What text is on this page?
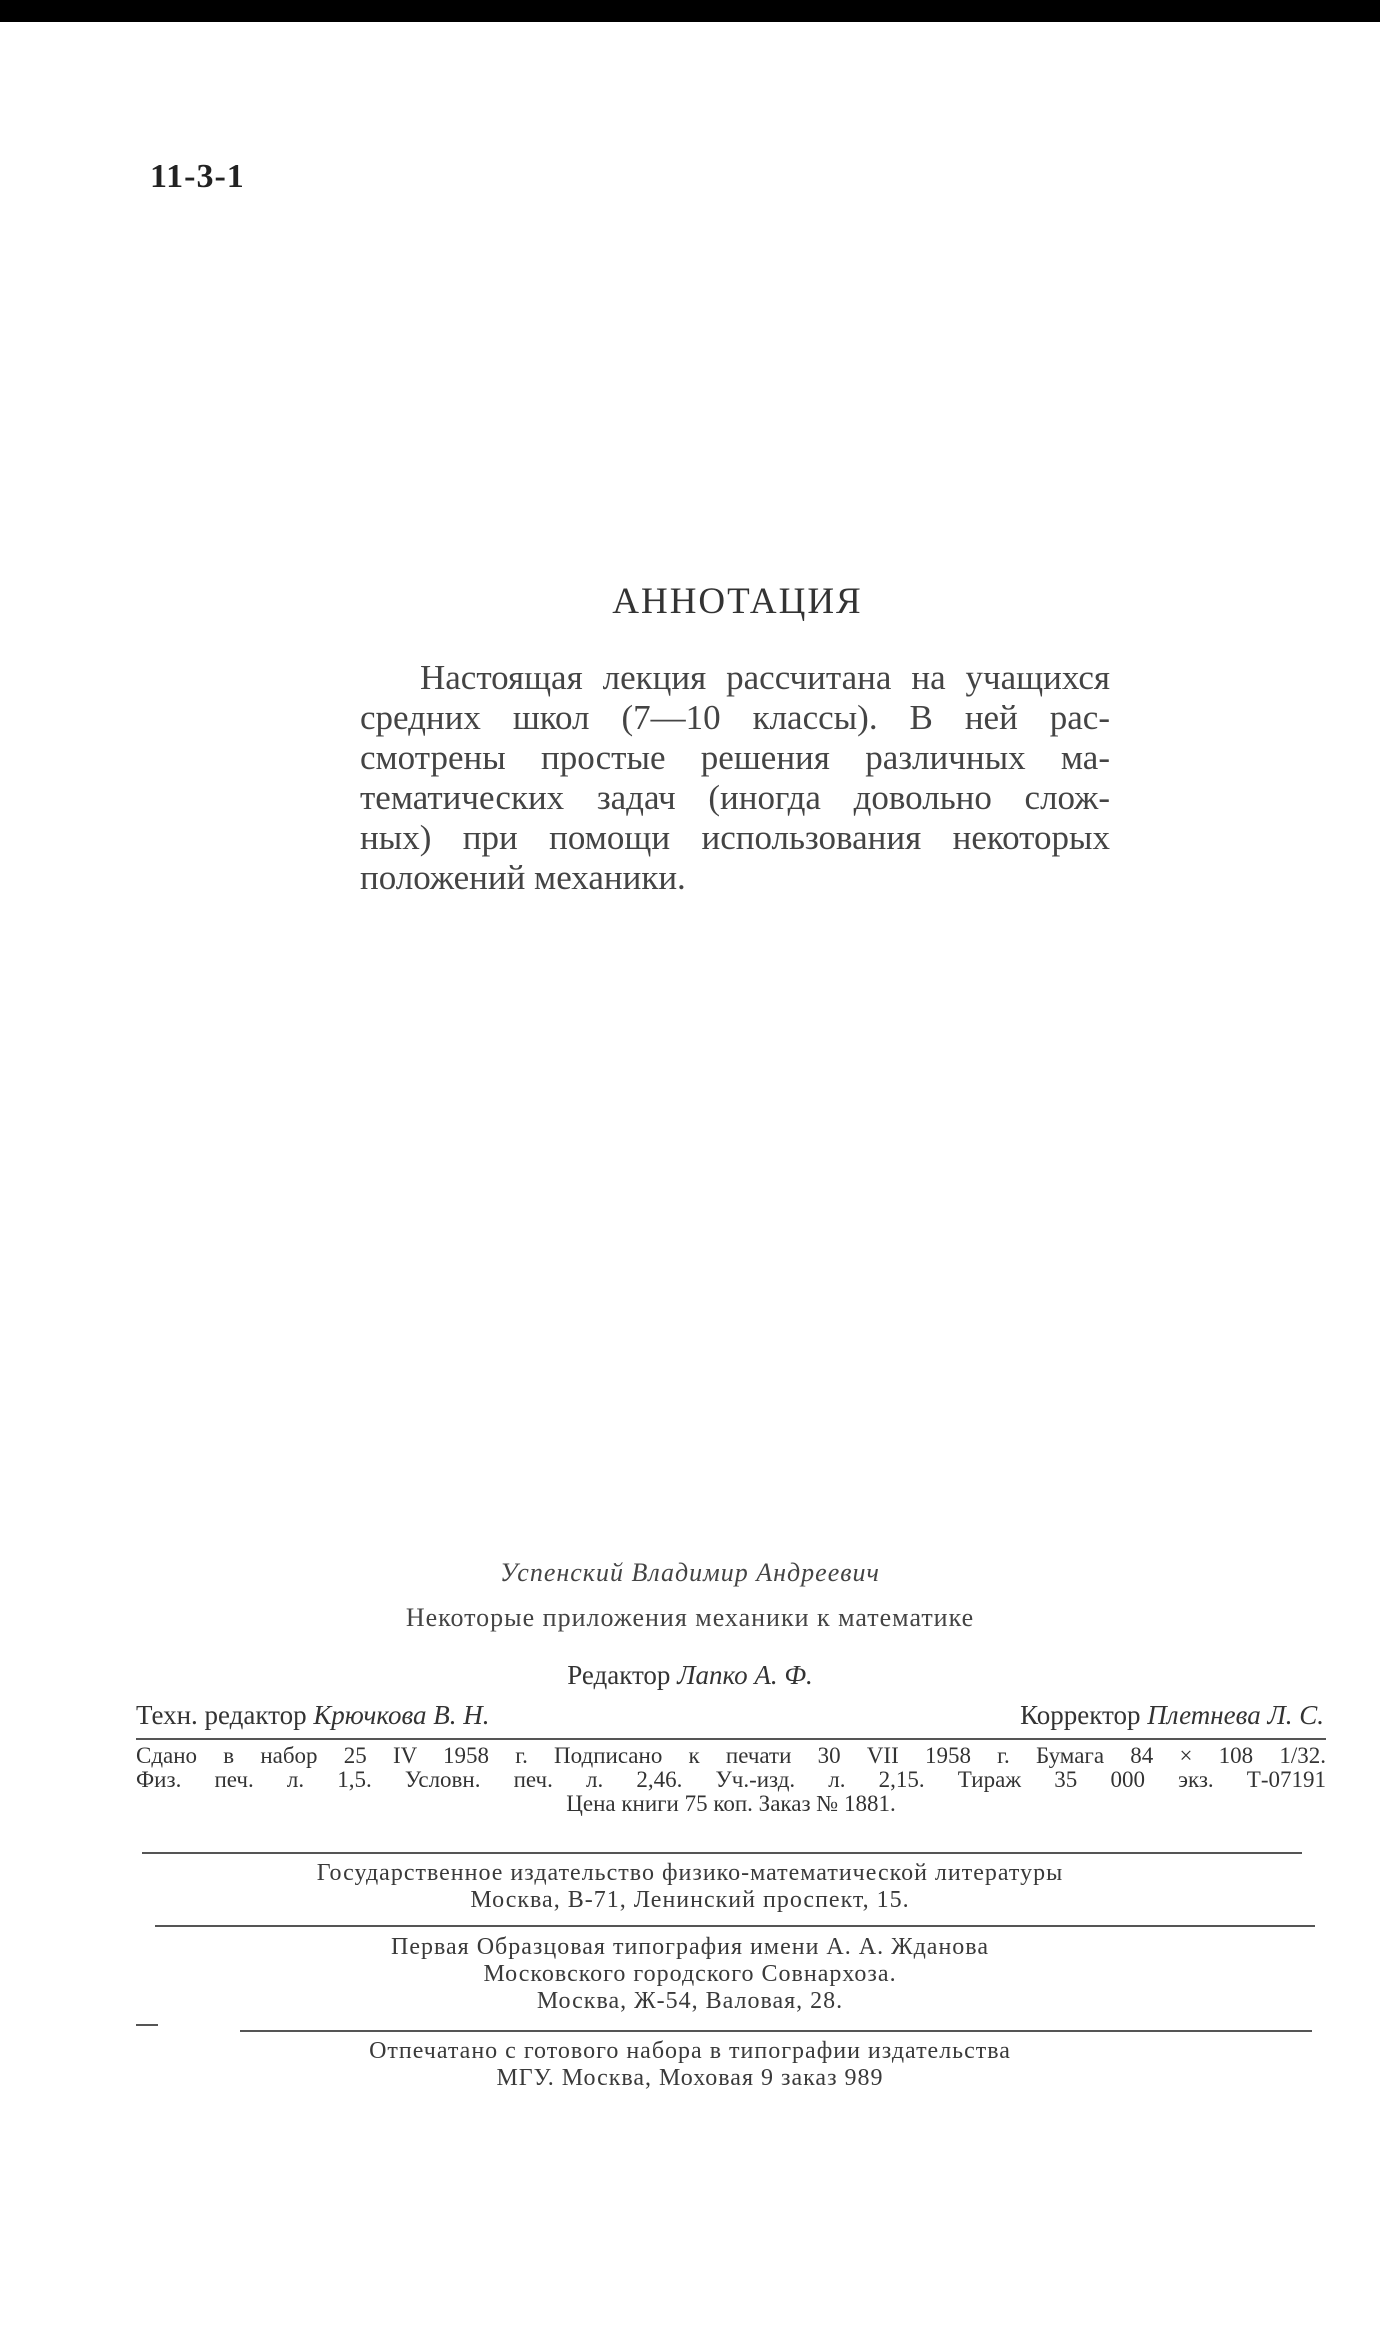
11-3-1
АННОТАЦИЯ
Настоящая лекция рассчитана на учащихся
средних школ (7—10 классы). В ней рас-
смотрены простые решения различных ма-
тематических задач (иногда довольно слож-
ных) при помощи использования некоторых
положений механики.
Успенский Владимир Андреевич
Некоторые приложения механики к математике
Редактор Лапко А. Ф.
Техн. редактор Крючкова В. Н.	Корректор Плетнева Л. С.
Сдано в набор 25 IV 1958 г. Подписано к печати 30 VII 1958 г. Бумага 84 × 108 1/32.
Физ. печ. л. 1,5. Условн. печ. л. 2,46. Уч.-изд. л. 2,15. Тираж 35 000 экз. Т-07191
Цена книги 75 коп. Заказ № 1881.
Государственное издательство физико-математической литературы
Москва, В-71, Ленинский проспект, 15.
Первая Образцовая типография имени А. А. Жданова
Московского городского Совнархоза.
Москва, Ж-54, Валовая, 28.
Отпечатано с готового набора в типографии издательства
МГУ. Москва, Моховая 9 заказ 989
